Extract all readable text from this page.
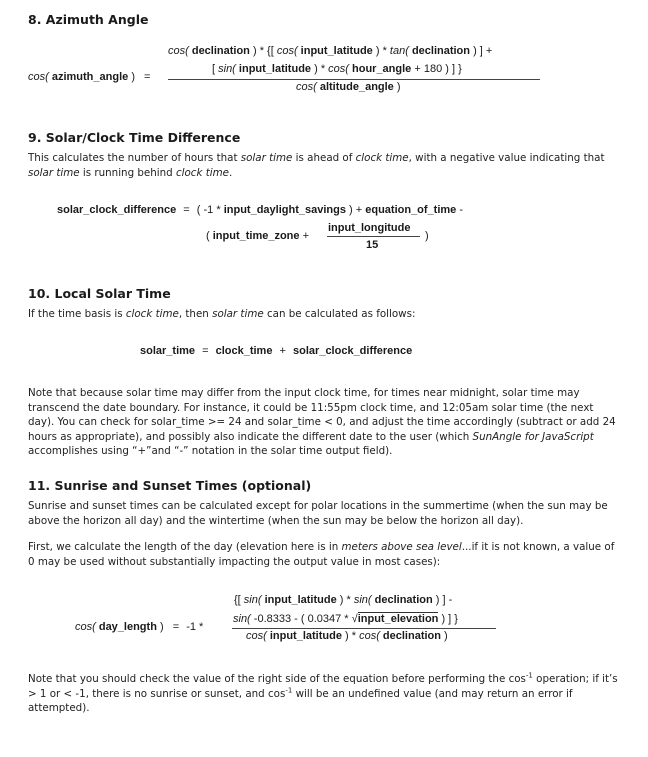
8. Azimuth Angle
cos( azimuth_angle ) =
cos( declination ) * {[ cos( input_latitude ) * tan( declination ) ] +
[ sin( input_latitude ) * cos( hour_angle + 180 ) ] }
cos( altitude_angle )
9. Solar/Clock Time Difference

This calculates the number of hours that solar time is ahead of clock time, with a negative value indicating that solar time is running behind clock time.

solar_clock_difference = ( -1 * input_daylight_savings ) + equation_of_time -
( input_time_zone +
input_longitude
15
)
10. Local Solar Time

If the time basis is clock time, then solar time can be calculated as follows:

solar_time = clock_time + solar_clock_difference

Note that because solar time may differ from the input clock time, for times near midnight, solar time may transcend the date boundary. For instance, it could be 11:55pm clock time, and 12:05am solar time (the next day). You can check for solar_time >= 24 and solar_time < 0, and adjust the time accordingly (subtract or add 24 hours as appropriate), and possibly also indicate the different date to the user (which SunAngle for JavaScript accomplishes using “+”and “-” notation in the solar time output field).

11. Sunrise and Sunset Times (optional)

Sunrise and sunset times can be calculated except for polar locations in the summertime (when the sun may be above the horizon all day) and the wintertime (when the sun may be below the horizon all day).

First, we calculate the length of the day (elevation here is in meters above sea level...if it is not known, a value of 0 may be used without substantially impacting the output value in most cases):

cos( day_length ) = -1 *
{[ sin( input_latitude ) * sin( declination ) ] -
sin( -0.8333 - ( 0.0347 * √input_elevation ) ] }
cos( input_latitude ) * cos( declination )

Note that you should check the value of the right side of the equation before performing the $\cos^{-1}$ operation; if it’s > 1 or < -1, there is no sunrise or sunset, and $\cos^{-1}$ will be an undefined value (and may return an error if attempted).
